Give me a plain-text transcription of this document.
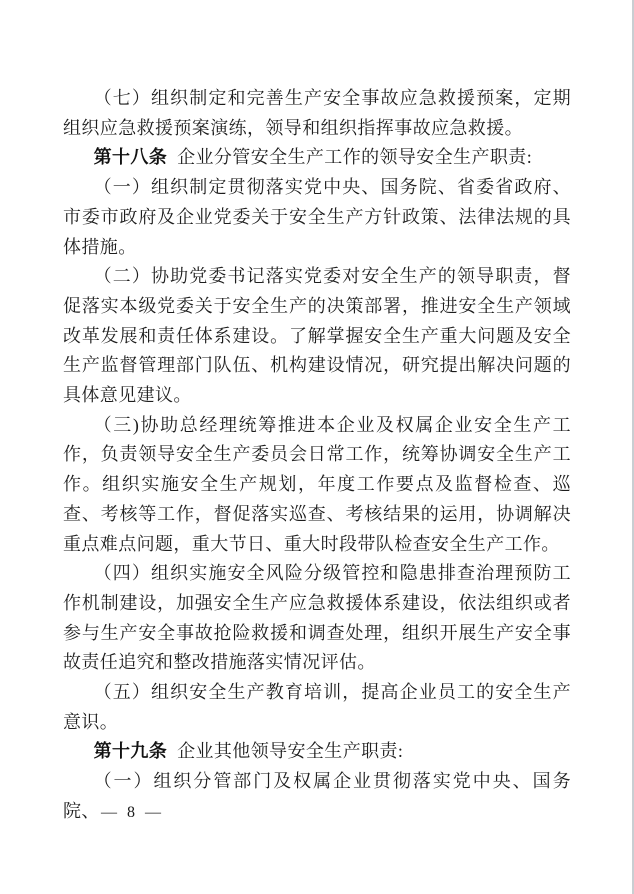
（七）组织制定和完善生产安全事故应急救援预案，定期组织应急救援预案演练，领导和组织指挥事故应急救援。

第十八条 企业分管安全生产工作的领导安全生产职责:

（一）组织制定贯彻落实党中央、国务院、省委省政府、市委市政府及企业党委关于安全生产方针政策、法律法规的具体措施。

（二）协助党委书记落实党委对安全生产的领导职责，督促落实本级党委关于安全生产的决策部署，推进安全生产领域改革发展和责任体系建设。了解掌握安全生产重大问题及安全生产监督管理部门队伍、机构建设情况，研究提出解决问题的具体意见建议。

（三)协助总经理统筹推进本企业及权属企业安全生产工作，负责领导安全生产委员会日常工作，统筹协调安全生产工作。组织实施安全生产规划，年度工作要点及监督检查、巡查、考核等工作，督促落实巡查、考核结果的运用，协调解决重点难点问题，重大节日、重大时段带队检查安全生产工作。

（四）组织实施安全风险分级管控和隐患排查治理预防工作机制建设，加强安全生产应急救援体系建设，依法组织或者参与生产安全事故抢险救援和调查处理，组织开展生产安全事故责任追究和整改措施落实情况评估。

（五）组织安全生产教育培训，提高企业员工的安全生产意识。

第十九条 企业其他领导安全生产职责:

（一）组织分管部门及权属企业贯彻落实党中央、国务院、 — 8 —
